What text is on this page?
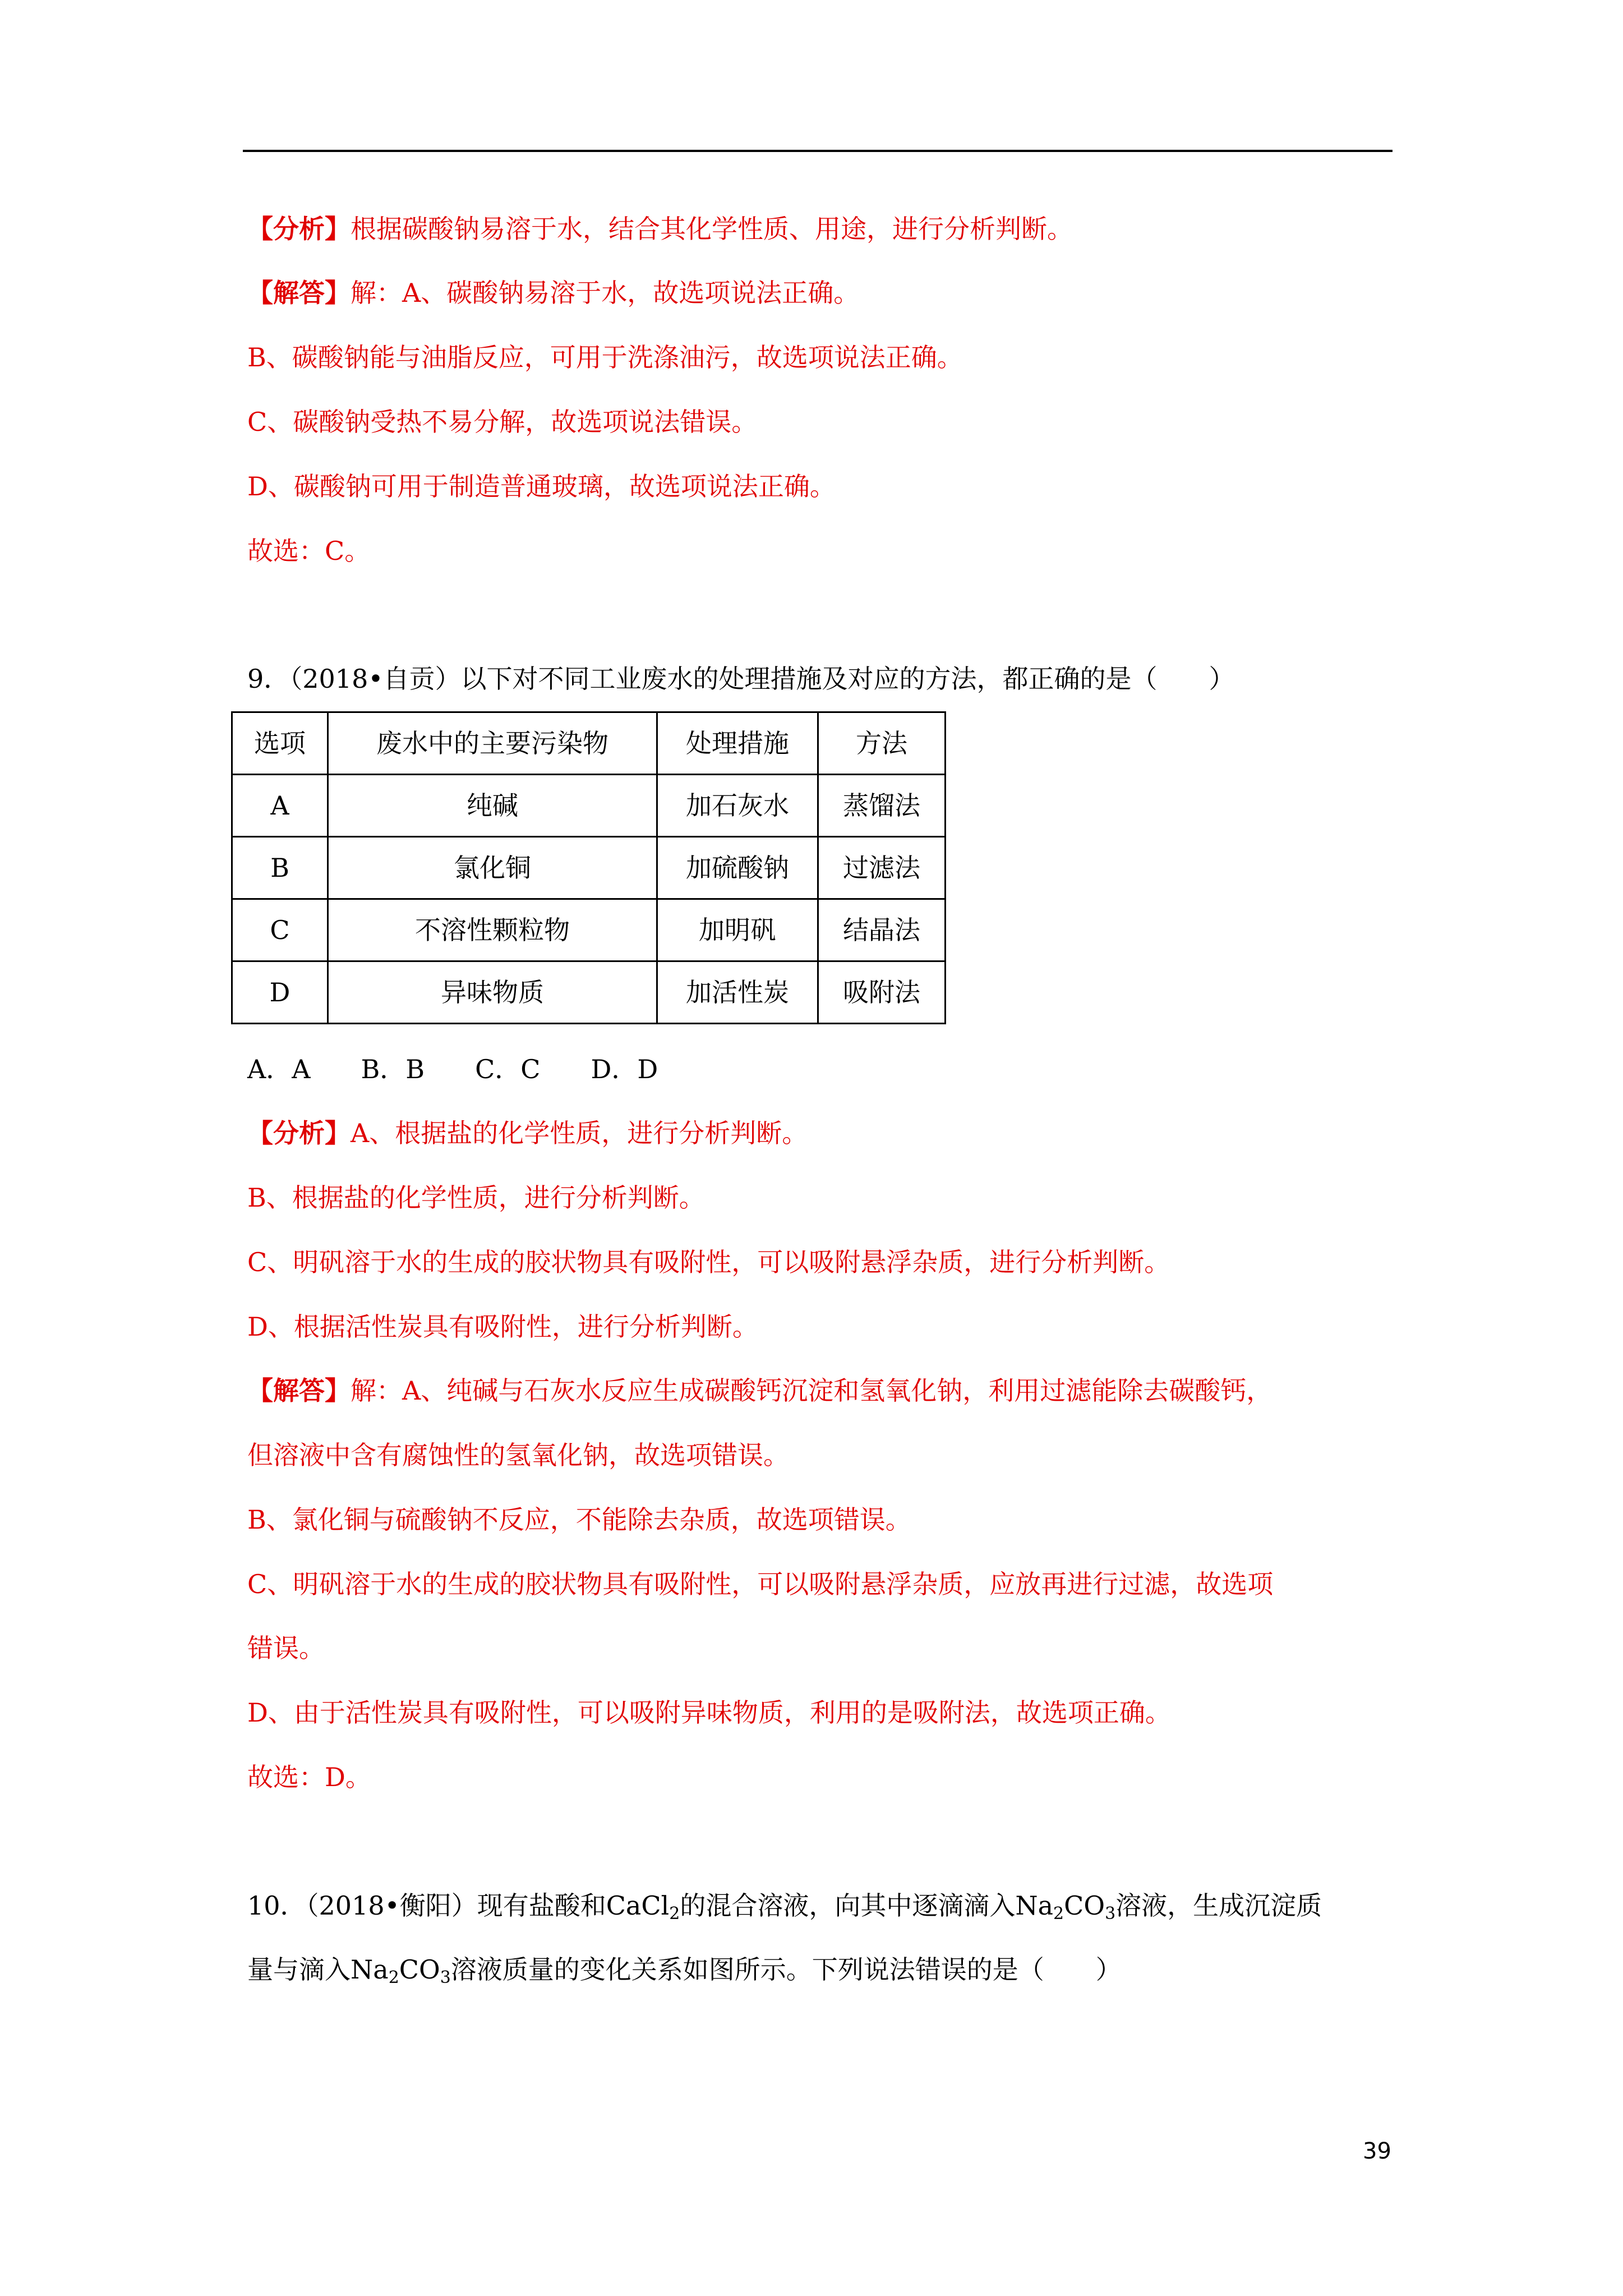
【分析】根据碳酸钠易溶于水，结合其化学性质、用途，进行分析判断。
【解答】解：A、碳酸钠易溶于水，故选项说法正确。
B、碳酸钠能与油脂反应，可用于洗涤油污，故选项说法正确。
C、碳酸钠受热不易分解，故选项说法错误。
D、碳酸钠可用于制造普通玻璃，故选项说法正确。
故选：C。
9．（2018•自贡）以下对不同工业废水的处理措施及对应的方法，都正确的是（　　）
选项	废水中的主要污染物	处理措施	方法
A	纯碱	加石灰水	蒸馏法
B	氯化铜	加硫酸钠	过滤法
C	不溶性颗粒物	加明矾	结晶法
D	异味物质	加活性炭	吸附法
A．A B．B C．C D．D
【分析】A、根据盐的化学性质，进行分析判断。
B、根据盐的化学性质，进行分析判断。
C、明矾溶于水的生成的胶状物具有吸附性，可以吸附悬浮杂质，进行分析判断。
D、根据活性炭具有吸附性，进行分析判断。
【解答】解：A、纯碱与石灰水反应生成碳酸钙沉淀和氢氧化钠，利用过滤能除去碳酸钙，
但溶液中含有腐蚀性的氢氧化钠，故选项错误。
B、氯化铜与硫酸钠不反应，不能除去杂质，故选项错误。
C、明矾溶于水的生成的胶状物具有吸附性，可以吸附悬浮杂质，应放再进行过滤，故选项
错误。
D、由于活性炭具有吸附性，可以吸附异味物质，利用的是吸附法，故选项正确。
故选：D。
10．（2018•衡阳）现有盐酸和CaCl$_2$的混合溶液，向其中逐滴滴入$Na_2CO_3$溶液，生成沉淀质
量与滴入$Na_2CO_3$溶液质量的变化关系如图所示。下列说法错误的是（　　）
39
